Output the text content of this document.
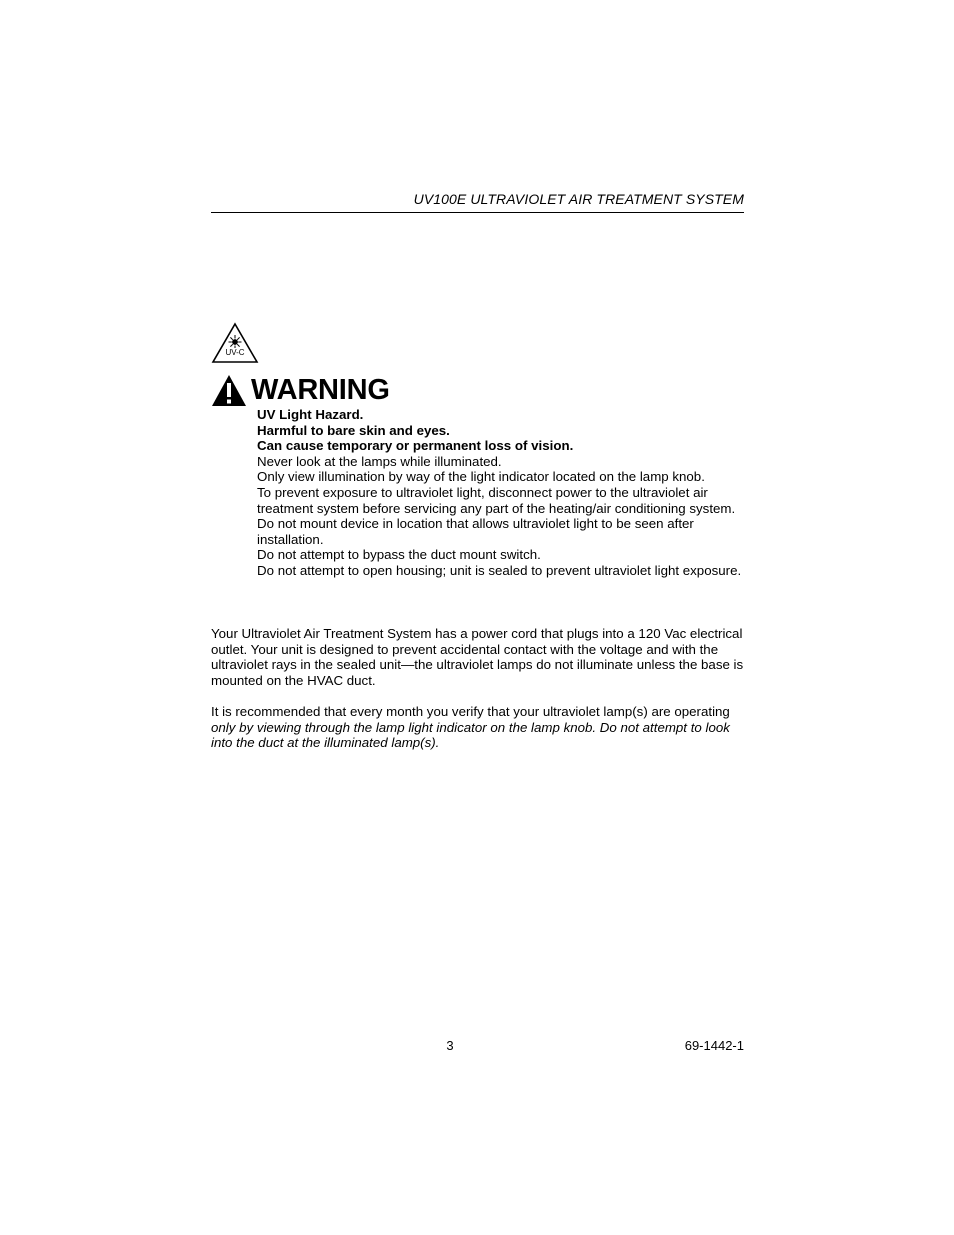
UV100E ULTRAVIOLET AIR TREATMENT SYSTEM
UV-C
WARNING
UV Light Hazard.
Harmful to bare skin and eyes.
Can cause temporary or permanent loss of vision.
Never look at the lamps while illuminated.
Only view illumination by way of the light indicator located on the lamp knob.
To prevent exposure to ultraviolet light, disconnect power to the ultraviolet air treatment system before servicing any part of the heating/air conditioning system.
Do not mount device in location that allows ultraviolet light to be seen after installation.
Do not attempt to bypass the duct mount switch.
Do not attempt to open housing; unit is sealed to prevent ultraviolet light exposure.
Your Ultraviolet Air Treatment System has a power cord that plugs into a 120 Vac electrical outlet. Your unit is designed to prevent accidental contact with the voltage and with the ultraviolet rays in the sealed unit—the ultraviolet lamps do not illuminate unless the base is mounted on the HVAC duct.
It is recommended that every month you verify that your ultraviolet lamp(s) are operating only by viewing through the lamp light indicator on the lamp knob. Do not attempt to look into the duct at the illuminated lamp(s).
3	69-1442-1
